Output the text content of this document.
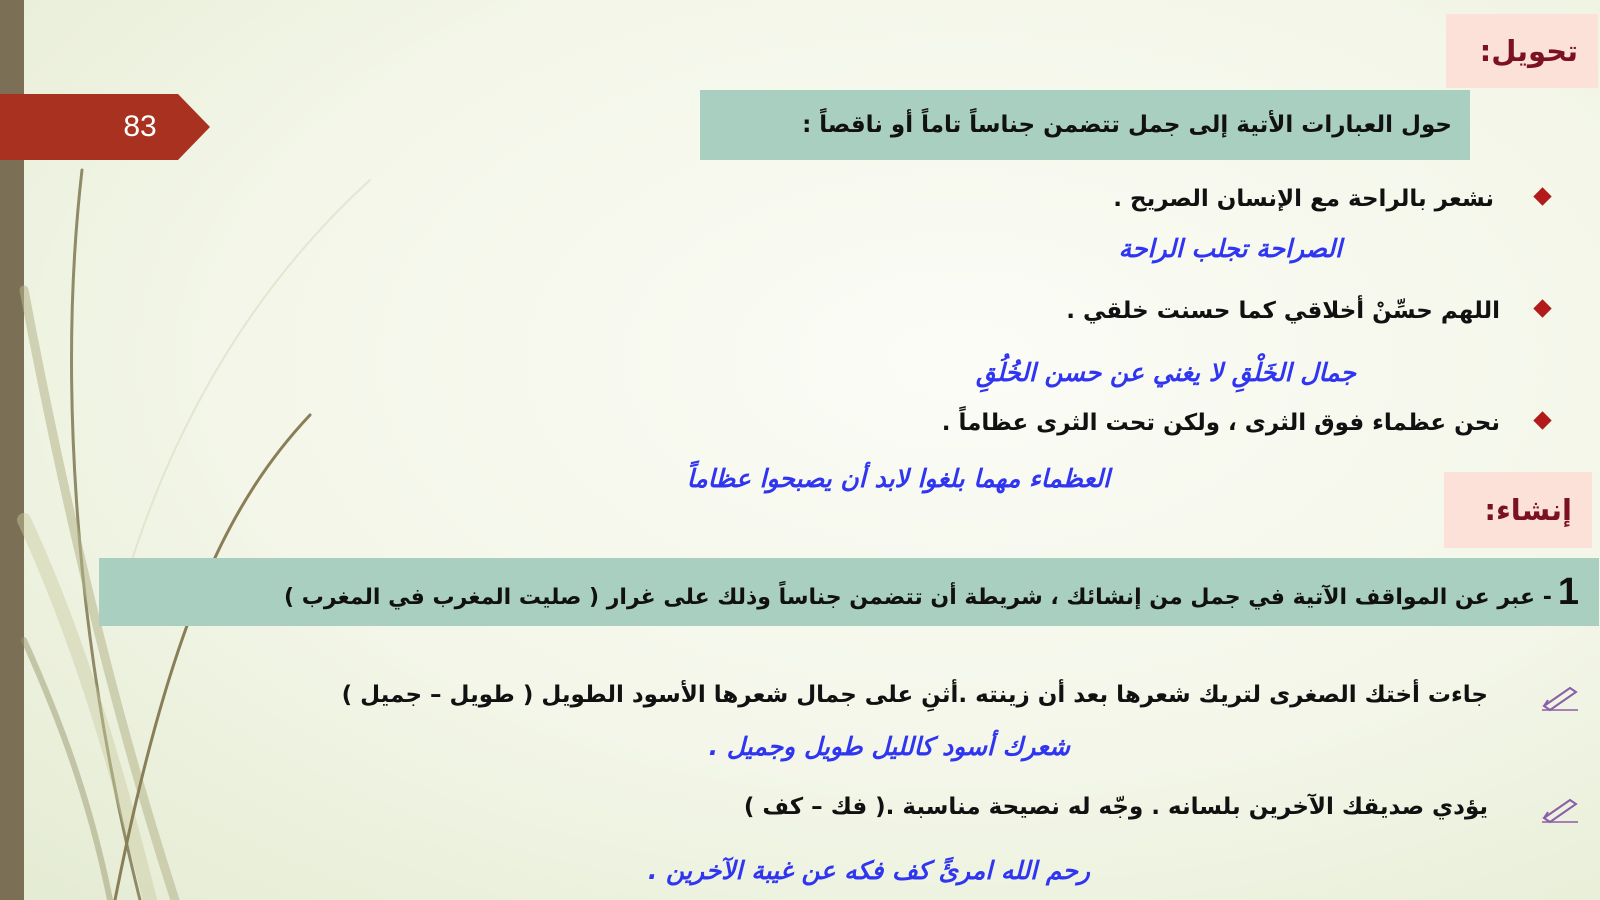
83
تحويل:
حول العبارات الأتية إلى جمل تتضمن جناساً تاماً أو ناقصاً :
نشعر بالراحة مع الإنسان الصريح .
الصراحة تجلب الراحة
اللهم حسِّنْ أخلاقي كما حسنت خلقي .
جمال الخَلْقِ لا يغني عن حسن الخُلُقِ
نحن عظماء فوق الثرى ، ولكن تحت الثرى عظاماً .
العظماء مهما بلغوا لابد أن يصبحوا عظاماً
إنشاء:
1- عبر عن المواقف الآتية في جمل من إنشائك ، شريطة أن تتضمن جناساً وذلك على غرار ( صليت المغرب في المغرب )
جاءت أختك الصغرى لتريك شعرها بعد أن زينته .أثنِ على جمال شعرها الأسود الطويل ( طويل – جميل )
شعرك أسود كالليل طويل وجميل .
يؤدي صديقك الآخرين بلسانه . وجّه له نصيحة مناسبة .( فك – كف )
رحم الله امرئً كف فكه عن غيبة الآخرين .
